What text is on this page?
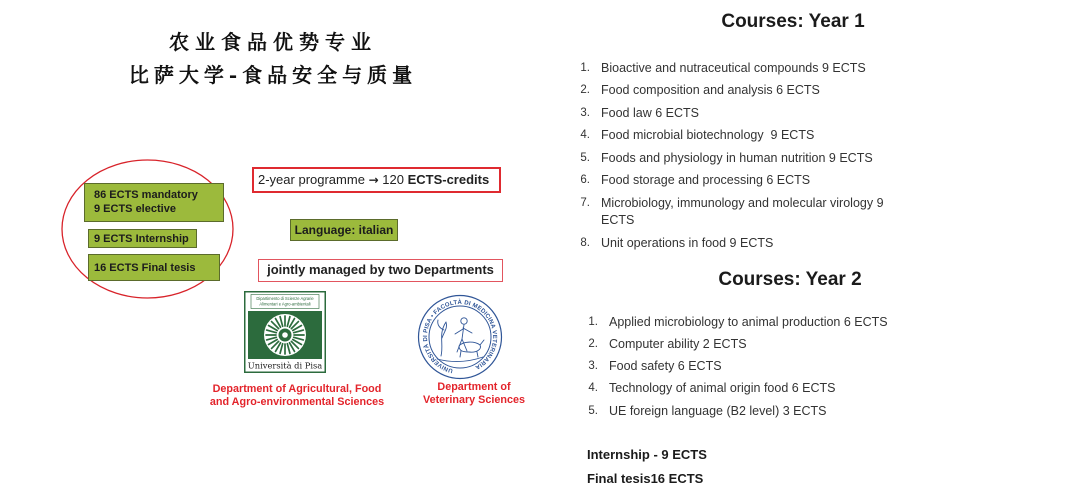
农业食品优势专业
比萨大学-食品安全与质量
86 ECTS mandatory
9 ECTS elective
9 ECTS Internship
16 ECTS Final tesis
2-year programme → 120 ECTS-credits
Language: italian
jointly managed by two Departments
Dipartimento di Scienze Agrarie
Alimentari e Agro-ambientali
Università di Pisa	UNIVERSITÀ DI PISA • FACOLTÀ DI MEDICINA VETERINARIA
Department of Agricultural, Food
and Agro-environmental Sciences
Department of
Veterinary Sciences
Courses: Year 1
1. Bioactive and nutraceutical compounds 9 ECTS
2. Food composition and analysis 6 ECTS
3. Food law 6 ECTS
4. Food microbial biotechnology  9 ECTS
5. Foods and physiology in human nutrition 9 ECTS
6. Food storage and processing 6 ECTS
7. Microbiology, immunology and molecular virology 9 ECTS
8. Unit operations in food 9 ECTS
Courses: Year 2
1. Applied microbiology to animal production 6 ECTS
2. Computer ability 2 ECTS
3. Food safety 6 ECTS
4. Technology of animal origin food 6 ECTS
5. UE foreign language (B2 level) 3 ECTS
Internship - 9 ECTS
Final tesis16 ECTS
